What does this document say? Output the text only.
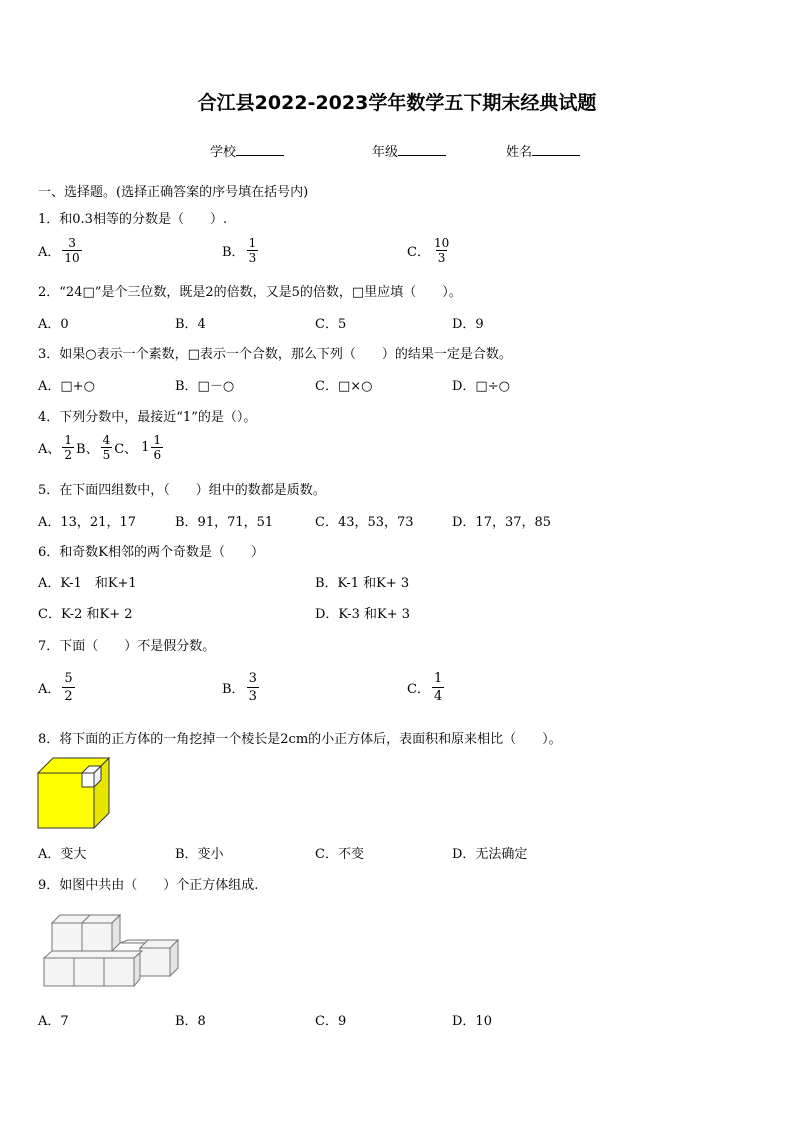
合江县2022-2023学年数学五下期末经典试题
学校	年级	姓名
一、选择题。(选择正确答案的序号填在括号内)
1．和0.3相等的分数是（　　）.
A． $\frac{3}{10}$	B． $\frac{1}{3}$	C． $\frac{10}{3}$
2．“24□”是个三位数，既是2的倍数，又是5的倍数，□里应填（　　）。
A．0	B．4	C．5	D．9
3．如果○表示一个素数，□表示一个合数，那么下列（　　）的结果一定是合数。
A．□+○	B．□－○	C．□×○	D．□÷○
4．下列分数中，最接近“1”的是（）。
A、 $\frac{1}{2}$ B、 $\frac{4}{5}$ C、 $1 \frac{1}{6}$
5．在下面四组数中，（　　）组中的数都是质数。
A．13，21，17	B．91，71，51	C．43，53，73	D．17，37，85
6．和奇数K相邻的两个奇数是（　　）
A．K-1　和K+1	B．K-1 和K+ 3
C．K-2 和K+ 2	D．K-3 和K+ 3
7．下面（　　）不是假分数。
A． $\frac{5}{2}$	B． $\frac{3}{3}$	C． $\frac{1}{4}$
8．将下面的正方体的一角挖掉一个棱长是2cm的小正方体后，表面积和原来相比（　　）。
A．变大	B．变小	C．不变	D．无法确定
9．如图中共由（　　）个正方体组成.
A．7	B．8	C．9	D．10
